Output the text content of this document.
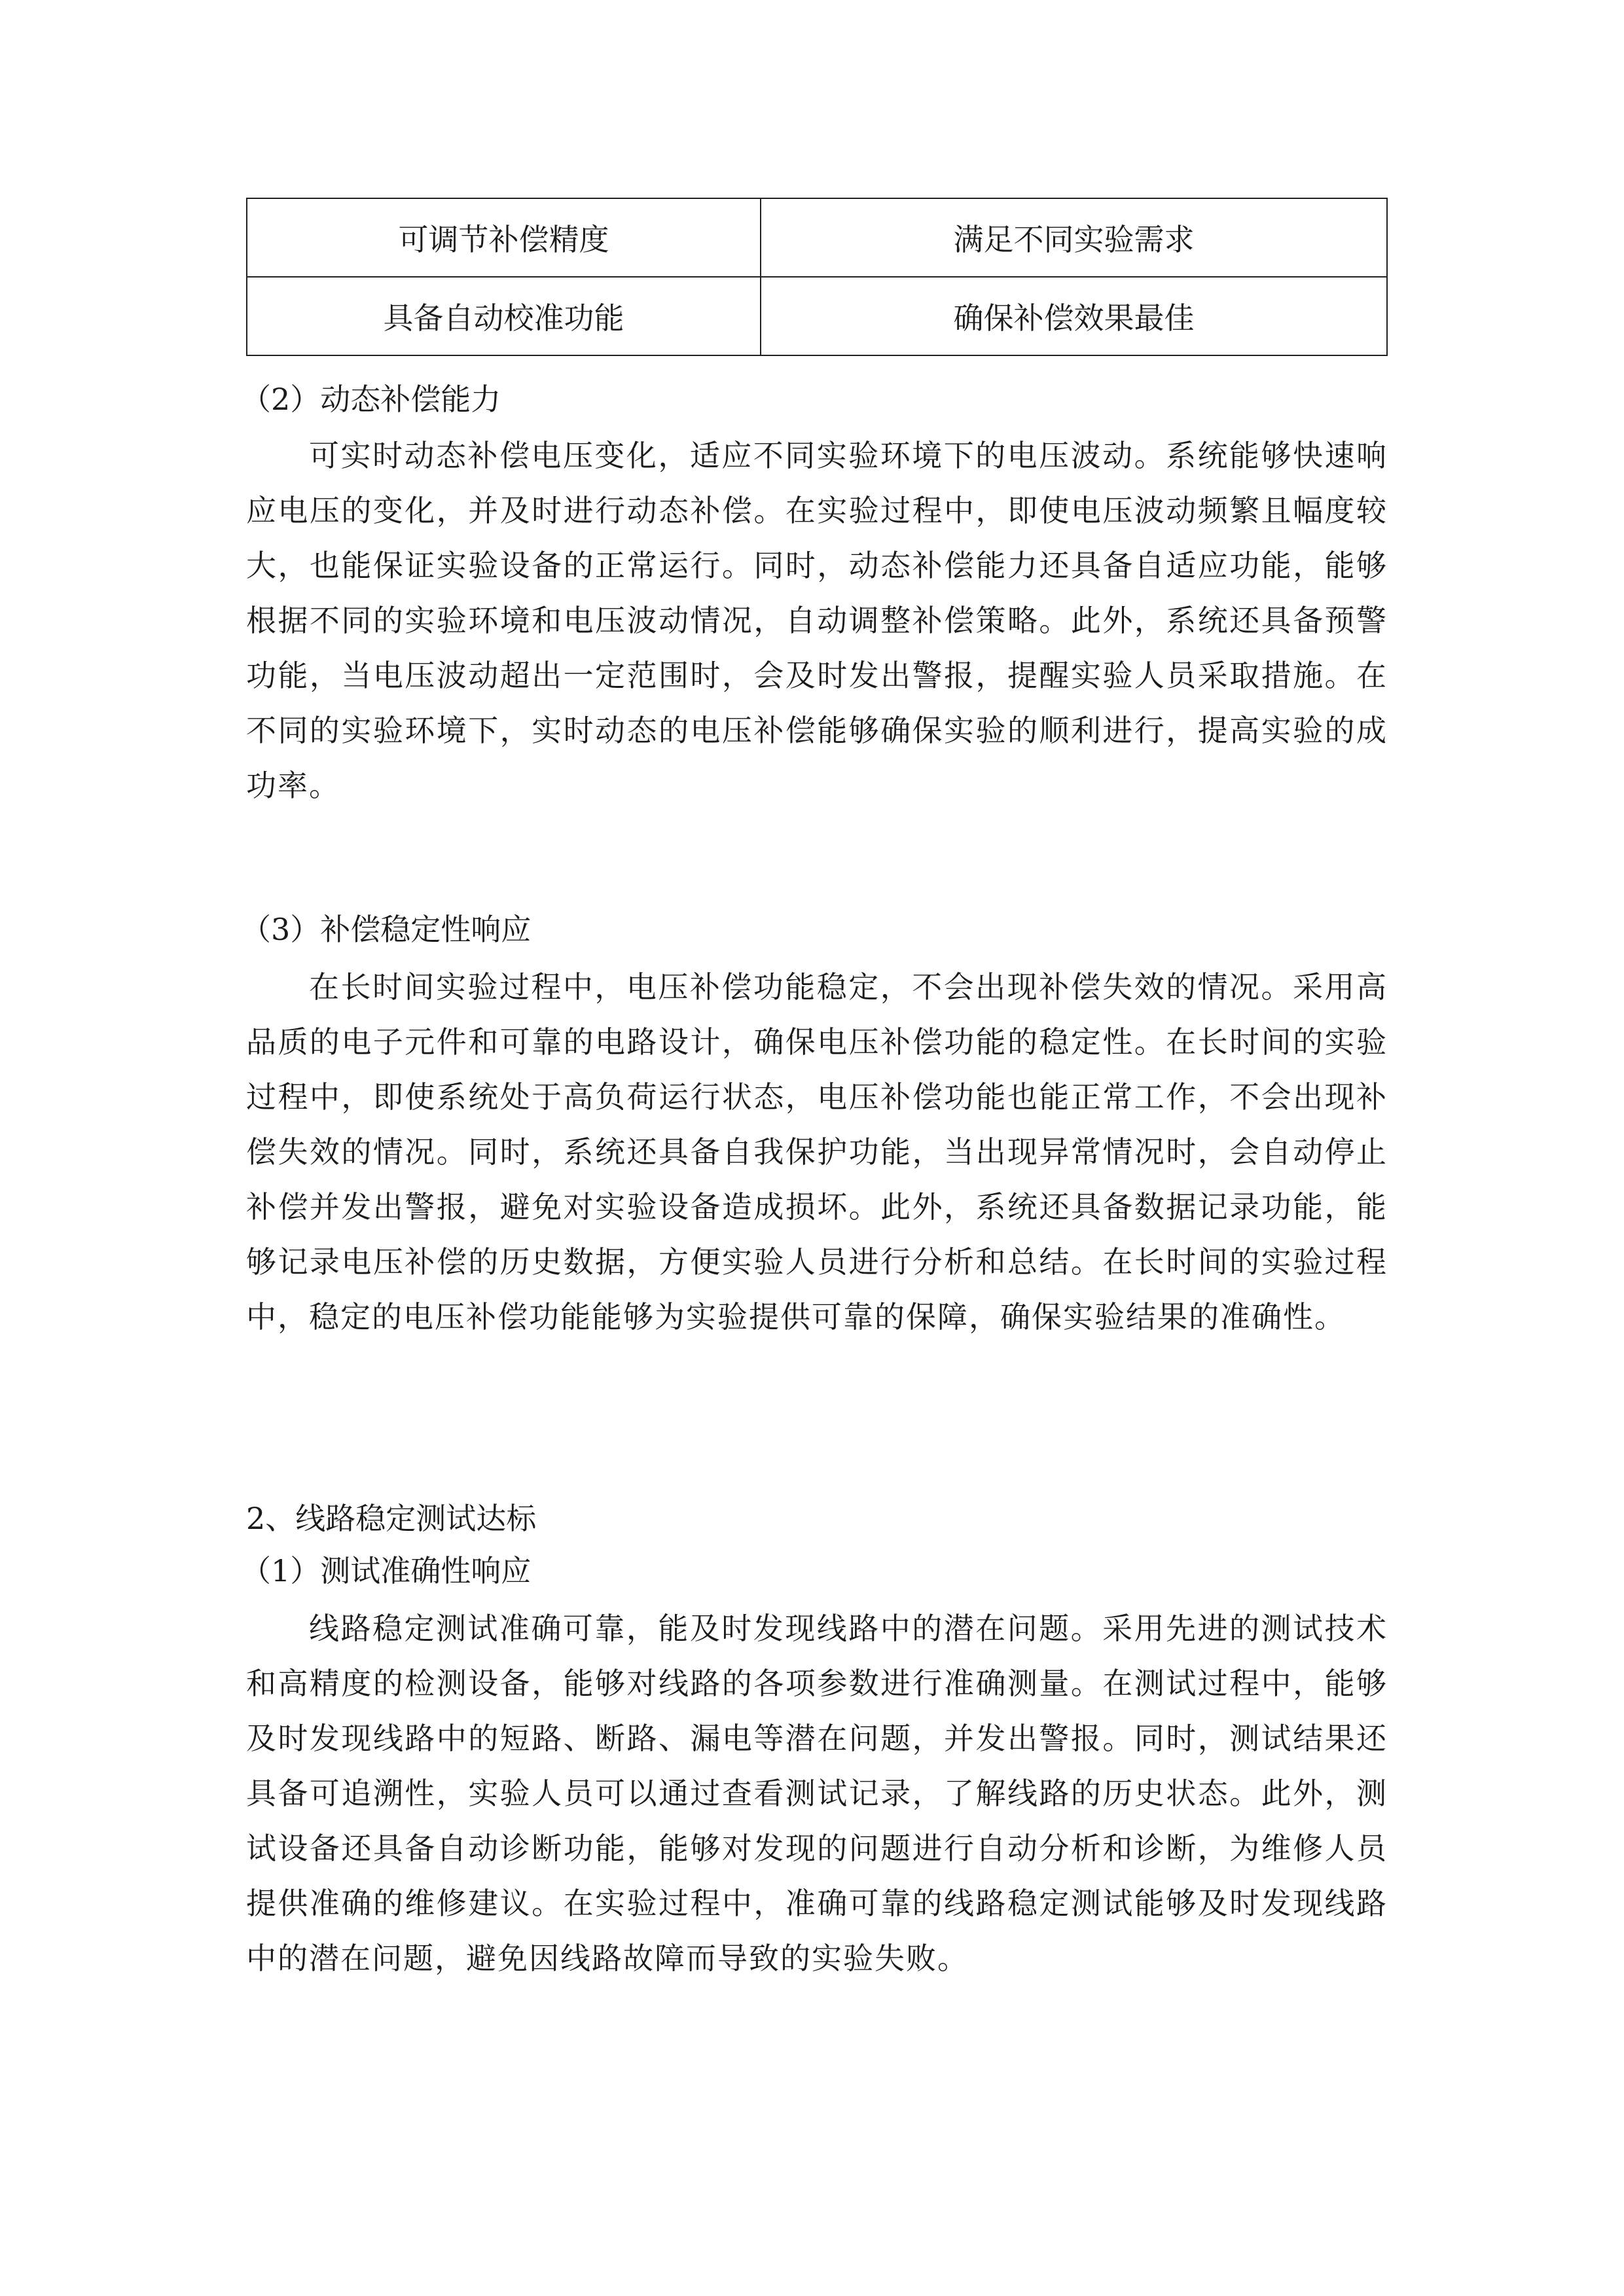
可调节补偿精度	满足不同实验需求
具备自动校准功能	确保补偿效果最佳
（2）动态补偿能力

可实时动态补偿电压变化，适应不同实验环境下的电压波动。系统能够快速响应电压的变化，并及时进行动态补偿。在实验过程中，即使电压波动频繁且幅度较大，也能保证实验设备的正常运行。同时，动态补偿能力还具备自适应功能，能够根据不同的实验环境和电压波动情况，自动调整补偿策略。此外，系统还具备预警功能，当电压波动超出一定范围时，会及时发出警报，提醒实验人员采取措施。在不同的实验环境下，实时动态的电压补偿能够确保实验的顺利进行，提高实验的成功率。

（3）补偿稳定性响应

在长时间实验过程中，电压补偿功能稳定，不会出现补偿失效的情况。采用高品质的电子元件和可靠的电路设计，确保电压补偿功能的稳定性。在长时间的实验过程中，即使系统处于高负荷运行状态，电压补偿功能也能正常工作，不会出现补偿失效的情况。同时，系统还具备自我保护功能，当出现异常情况时，会自动停止补偿并发出警报，避免对实验设备造成损坏。此外，系统还具备数据记录功能，能够记录电压补偿的历史数据，方便实验人员进行分析和总结。在长时间的实验过程中，稳定的电压补偿功能能够为实验提供可靠的保障，确保实验结果的准确性。

2、线路稳定测试达标
（1）测试准确性响应

线路稳定测试准确可靠，能及时发现线路中的潜在问题。采用先进的测试技术和高精度的检测设备，能够对线路的各项参数进行准确测量。在测试过程中，能够及时发现线路中的短路、断路、漏电等潜在问题，并发出警报。同时，测试结果还具备可追溯性，实验人员可以通过查看测试记录，了解线路的历史状态。此外，测试设备还具备自动诊断功能，能够对发现的问题进行自动分析和诊断，为维修人员提供准确的维修建议。在实验过程中，准确可靠的线路稳定测试能够及时发现线路中的潜在问题，避免因线路故障而导致的实验失败。
